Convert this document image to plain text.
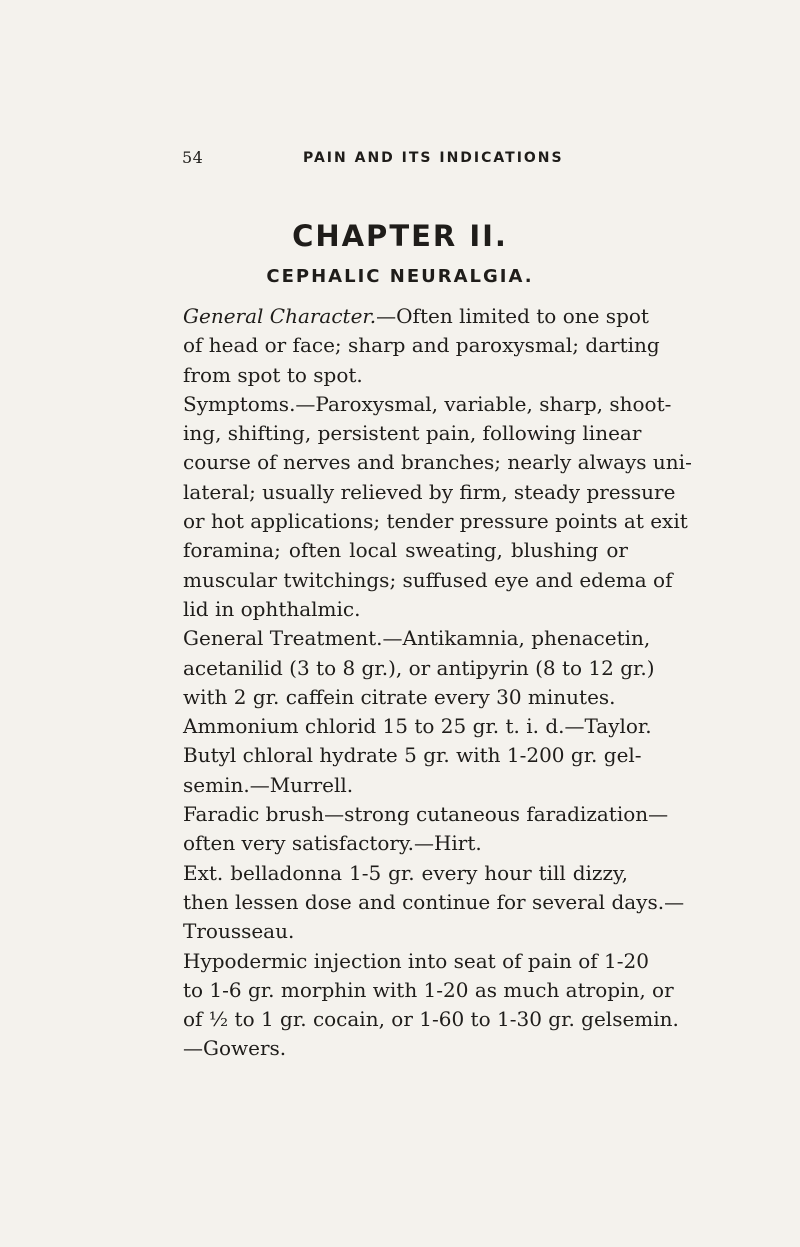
54	PAIN AND ITS INDICATIONS
CHAPTER II.
CEPHALIC NEURALGIA.
General Character.—Often limited to one spot
of head or face; sharp and paroxysmal; darting
from spot to spot.
Symptoms.—Paroxysmal, variable, sharp, shoot-
ing, shifting, persistent pain, following linear
course of nerves and branches; nearly always uni-
lateral; usually relieved by firm, steady pressure
or hot applications; tender pressure points at exit
foramina; often local sweating, blushing or
muscular twitchings; suffused eye and edema of
lid in ophthalmic.
General Treatment.—Antikamnia, phenacetin,
acetanilid (3 to 8 gr.), or antipyrin (8 to 12 gr.)
with 2 gr. caffein citrate every 30 minutes.
Ammonium chlorid 15 to 25 gr. t. i. d.—Taylor.
Butyl chloral hydrate 5 gr. with 1-200 gr. gel-
semin.—Murrell.
Faradic brush—strong cutaneous faradization—
often very satisfactory.—Hirt.
Ext. belladonna 1-5 gr. every hour till dizzy,
then lessen dose and continue for several days.—
Trousseau.
Hypodermic injection into seat of pain of 1-20
to 1-6 gr. morphin with 1-20 as much atropin, or
of ½ to 1 gr. cocain, or 1-60 to 1-30 gr. gelsemin.
—Gowers.
